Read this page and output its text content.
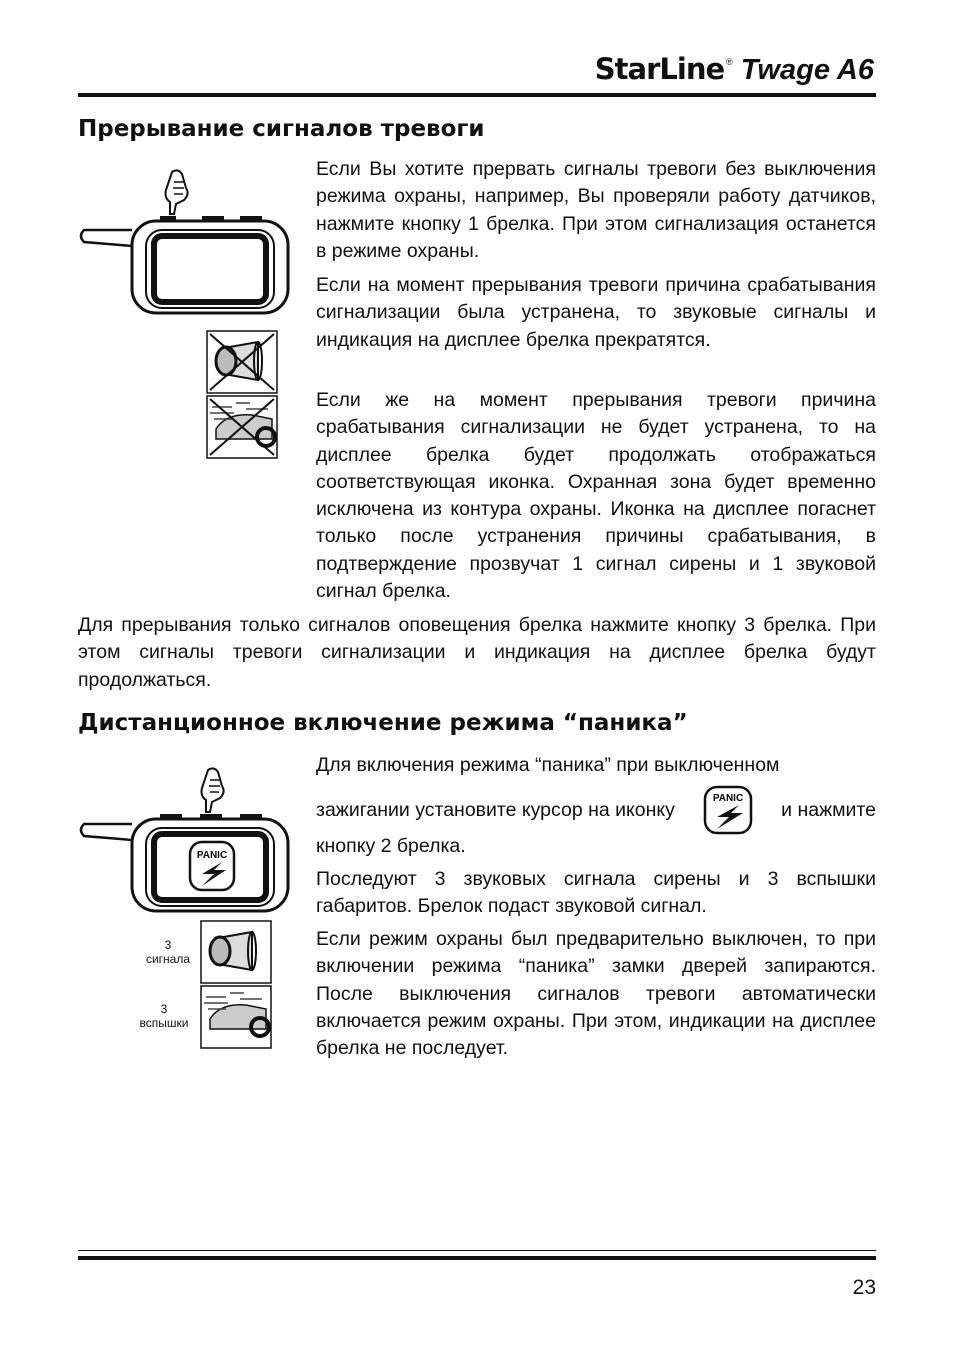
StarLine ® Twage A6
Прерывание сигналов тревоги

Если Вы хотите прервать сигналы тревоги без выключения режима охраны, например, Вы проверяли работу датчиков, нажмите кнопку 1 брелка. При этом сигнализация останется в режиме охраны.

Если на момент прерывания тревоги причина срабатывания сигнализации была устранена, то звуковые сигналы и индикация на дисплее брелка прекратятся.

Если же на момент прерывания тревоги причина срабатывания сигнализации не будет устранена, то на дисплее брелка будет продолжать отображаться соответствующая иконка. Охранная зона будет временно исключена из контура охраны. Иконка на дисплее погаснет только после устранения причины срабатывания, в подтверждение прозвучат 1 сигнал сирены и 1 звуковой сигнал брелка.

Для прерывания только сигналов оповещения брелка нажмите кнопку 3 брелка. При этом сигналы тревоги сигнализации и индикация на дисплее брелка будут продолжаться.

Дистанционное включение режима “паника”
PANIC
3
сигнала
3
вспышки

Для включения режима “паника” при выключенном

зажигании установите курсор на иконку	PANIC и нажмите

кнопку 2 брелка.

Последуют 3 звуковых сигнала сирены и 3 вспышки габаритов. Брелок подаст звуковой сигнал.

Если режим охраны был предварительно выключен, то при включении режима “паника” замки дверей запираются. После выключения сигналов тревоги автоматически включается режим охраны. При этом, индикации на дисплее брелка не последует.

23
